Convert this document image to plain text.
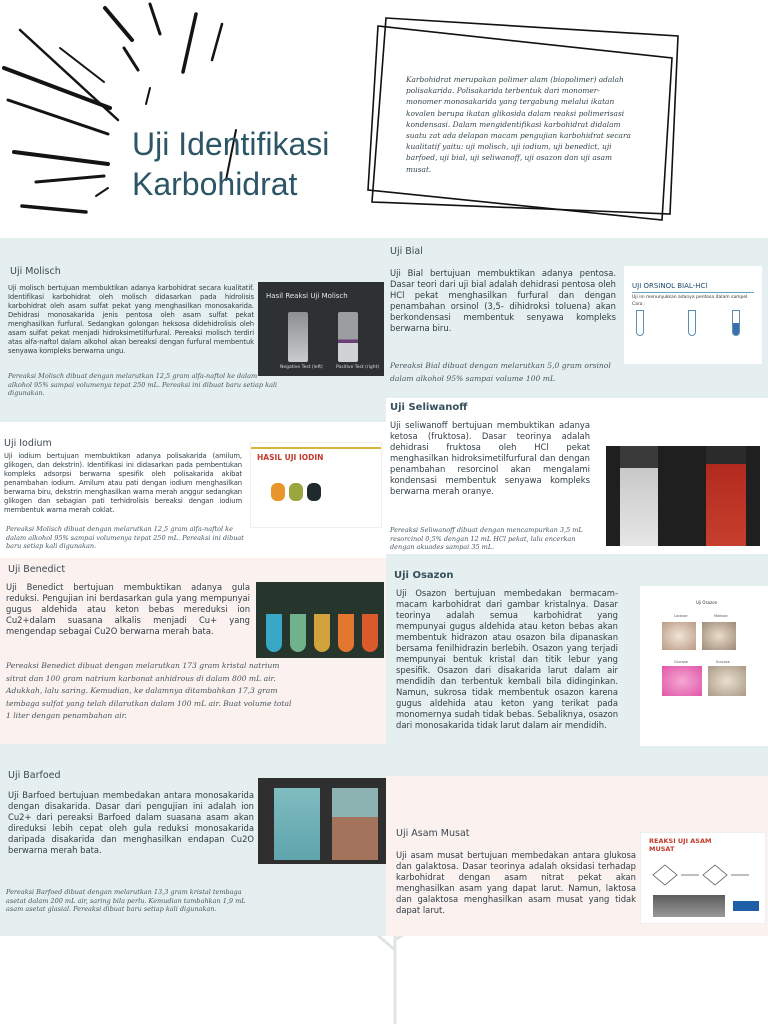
Uji Identifikasi Karbohidrat

Karbohidrat merupakan polimer alam (biopolimer) adalah polisakarida. Polisakarida terbentuk dari monomer-monomer monosakarida yang tergabung melalui ikatan kovalen berupa ikatan glikosida dalam reaksi polimerisasi kondensasi. Dalam mengidentifikasi karbohidrat didalam suatu zat ada delapan macam pengujian karbohidrat secara kualitatif yaitu: uji molisch, uji iodium, uji benedict, uji barfoed, uji bial, uji seliwanoff, uji osazon dan uji asam musat.

Uji Molisch

Uji molisch bertujuan membuktikan adanya karbohidrat secara kualitatif. Identifikasi karbohidrat oleh molisch didasarkan pada hidrolisis karbohidrat oleh asam sulfat pekat yang menghasilkan monosakarida. Dehidrasi monosakarida jenis pentosa oleh asam sulfat pekat menghasilkan furfural. Sedangkan golongan heksosa didehidrolisis oleh asam sulfat pekat menjadi hidroksimetilfurfural. Pereaksi molisch terdiri atas alfa-naftol dalam alkohol akan bereaksi dengan furfural membentuk senyawa kompleks berwarna ungu.

Pereaksi Molisch dibuat dengan melarutkan 12,5 gram alfa-naftol ke dalam alkohol 95% sampai volumenya tepat 250 mL. Pereaksi ini dibuat baru setiap kali digunakan.

Hasil Reaksi Uji Molisch
Negative Test (left)	Positive Test (right)
Uji Iodium

Uji iodium bertujuan membuktikan adanya polisakarida (amilum, glikogen, dan dekstrin). Identifikasi ini didasarkan pada pembentukan kompleks adsorpsi berwarna spesifik oleh polisakarida akibat penambahan iodium. Amilum atau pati dengan iodium menghasilkan berwarna biru, dekstrin menghasilkan warna merah anggur sedangkan glikogen dan sebagian pati terhidrolisis bereaksi dengan iodium membentuk warna merah coklat.

Pereaksi Molisch dibuat dengan melarutkan 12,5 gram alfa-naftol ke dalam alkohol 95% sampai volumenya tepat 250 mL. Pereaksi ini dibuat baru setiap kali digunakan.

HASIL UJI IODIN
Uji Benedict

Uji Benedict bertujuan membuktikan adanya gula reduksi. Pengujian ini berdasarkan gula yang mempunyai gugus aldehida atau keton bebas mereduksi ion Cu2+dalam suasana alkalis menjadi Cu+ yang mengendap sebagai Cu2O berwarna merah bata.

Pereaksi Benedict dibuat dengan melarutkan 173 gram kristal natrium sitrat dan 100 gram natrium karbonat anhidrous di dalam 800 mL air. Adukkah, lalu saring. Kemudian, ke dalamnya ditambahkan 17,3 gram tembaga sulfat yang telah dilarutkan dalam 100 mL air. Buat volume total 1 liter dengan penambahan air.

Uji Barfoed

Uji Barfoed bertujuan membedakan antara monosakarida dengan disakarida. Dasar dari pengujian ini adalah ion Cu2+ dari pereaksi Barfoed dalam suasana asam akan direduksi lebih cepat oleh gula reduksi monosakarida daripada disakarida dan menghasilkan endapan Cu2O berwarna merah bata.

Pereaksi Barfoed dibuat dengan melarutkan 13,3 gram kristal tembaga asetat dalam 200 mL air, saring bila perlu. Kemudian tambahkan 1,9 mL asam asetat glasial. Pereaksi dibuat baru setiap kali digunakan.

Uji Bial

Uji Bial bertujuan membuktikan adanya pentosa. Dasar teori dari uji bial adalah dehidrasi pentosa oleh HCl pekat menghasilkan furfural dan dengan penambahan orsinol (3,5- dihidroksi toluena) akan berkondensasi membentuk senyawa kompleks berwarna biru.

Pereaksi Bial dibuat dengan melarutkan 5,0 gram orsinol dalam alkohol 95% sampai volume 100 mL

UJI ORSINOL BIAL-HCl
Uji ini menunjukkan adanya pentosa dalam sampel.
Cara :
Uji Seliwanoff

Uji seliwanoff bertujuan membuktikan adanya ketosa (fruktosa). Dasar teorinya adalah dehidrasi fruktosa oleh HCl pekat menghasilkan hidroksimetilfurfural dan dengan penambahan resorcinol akan mengalami kondensasi membentuk senyawa kompleks berwarna merah oranye.

Pereaksi Seliwanoff dibuat dengan mencampurkan 3,5 mL resorcinol 0,5% dengan 12 mL HCl pekat, lalu encerkan dengan akuades sampai 35 mL.

Uji Osazon

Uji Osazon bertujuan membedakan bermacam-macam karbohidrat dari gambar kristalnya. Dasar teorinya adalah semua karbohidrat yang mempunyai gugus aldehida atau keton bebas akan membentuk hidrazon atau osazon bila dipanaskan bersama fenilhidrazin berlebih. Osazon yang terjadi mempunyai bentuk kristal dan titik lebur yang spesifik. Osazon dari disakarida larut dalam air mendidih dan terbentuk kembali bila didinginkan. Namun, sukrosa tidak membentuk osazon karena gugus aldehida atau keton yang terikat pada monomernya sudah tidak bebas. Sebaliknya, osazon dari monosakarida tidak larut dalam air mendidih.

Uji Osazon
Lactose	Maltose
Glucose	Sucrose
Uji Asam Musat

Uji asam musat bertujuan membedakan antara glukosa dan galaktosa. Dasar teorinya adalah oksidasi terhadap karbohidrat dengan asam nitrat pekat akan menghasilkan asam yang dapat larut. Namun, laktosa dan galaktosa menghasilkan asam musat yang tidak dapat larut.

REAKSI UJI ASAM MUSAT
